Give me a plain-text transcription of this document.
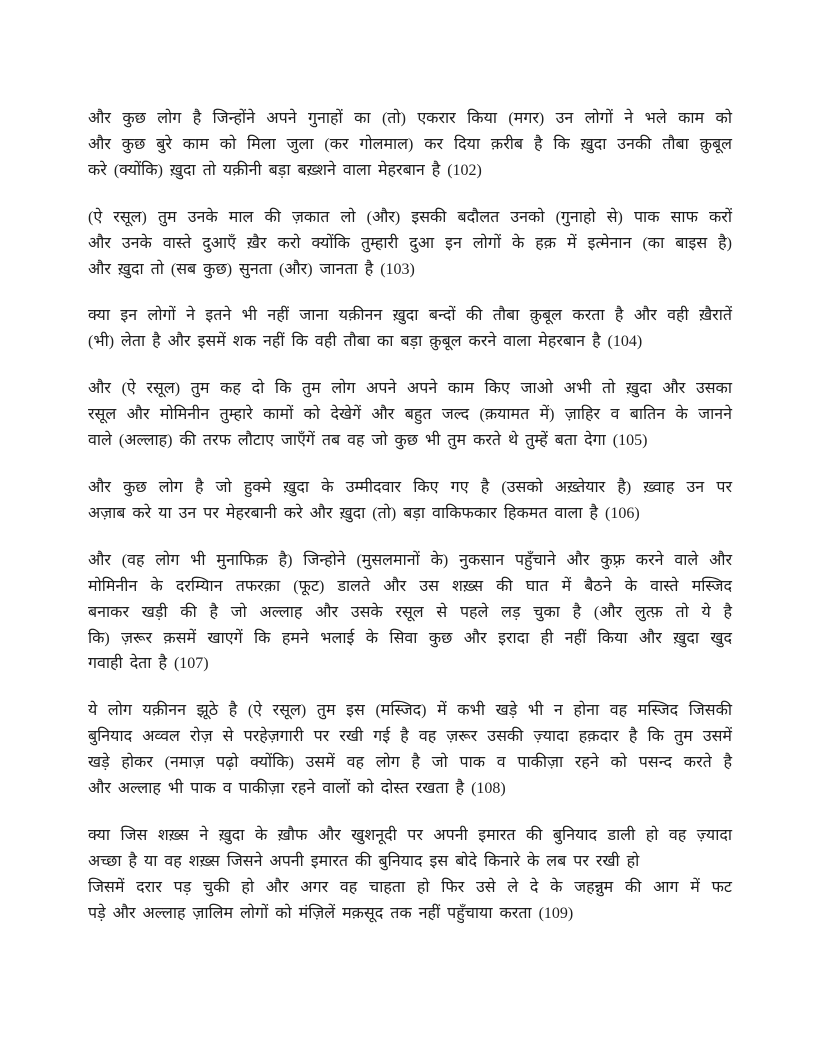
और कुछ लोग है जिन्होंने अपने गुनाहों का (तो) एकरार किया (मगर) उन लोगों ने भले काम को
और कुछ बुरे काम को मिला जुला (कर गोलमाल) कर दिया क़रीब है कि ख़ुदा उनकी तौबा क़ुबूल
करे (क्योंकि) ख़ुदा तो यक़ीनी बड़ा बख़्शने वाला मेहरबान है (102)
(ऐ रसूल) तुम उनके माल की ज़कात लो (और) इसकी बदौलत उनको (गुनाहो से) पाक साफ करों
और उनके वास्ते दुआएँ ख़ैर करो क्योंकि तुम्हारी दुआ इन लोगों के हक़ में इत्मेनान (का बाइस है)
और ख़ुदा तो (सब कुछ) सुनता (और) जानता है (103)
क्या इन लोगों ने इतने भी नहीं जाना यक़ीनन ख़ुदा बन्दों की तौबा क़ुबूल करता है और वही ख़ैरातें
(भी) लेता है और इसमें शक नहीं कि वही तौबा का बड़ा क़ुबूल करने वाला मेहरबान है (104)
और (ऐ रसूल) तुम कह दो कि तुम लोग अपने अपने काम किए जाओ अभी तो ख़ुदा और उसका
रसूल और मोमिनीन तुम्हारे कामों को देखेगें और बहुत जल्द (क़यामत में) ज़ाहिर व बातिन के जानने
वाले (अल्लाह) की तरफ लौटाए जाएँगें तब वह जो कुछ भी तुम करते थे तुम्हें बता देगा (105)
और कुछ लोग है जो हुक्मे ख़ुदा के उम्मीदवार किए गए है (उसको अख़्तेयार है) ख़्वाह उन पर
अज़ाब करे या उन पर मेहरबानी करे और ख़ुदा (तो) बड़ा वाकिफकार हिकमत वाला है (106)
और (वह लोग भी मुनाफिक़ है) जिन्होने (मुसलमानों के) नुकसान पहुँचाने और कुफ़्र करने वाले और
मोमिनीन के दरम्यिान तफरक़ा (फूट) डालते और उस शख़्स की घात में बैठने के वास्ते मस्जिद
बनाकर खड़ी की है जो अल्लाह और उसके रसूल से पहले लड़ चुका है (और लुत्फ़ तो ये है
कि) ज़रूर क़समें खाएगें कि हमने भलाई के सिवा कुछ और इरादा ही नहीं किया और ख़ुदा खुद
गवाही देता है (107)
ये लोग यक़ीनन झूठे है (ऐ रसूल) तुम इस (मस्जिद) में कभी खड़े भी न होना वह मस्जिद जिसकी
बुनियाद अव्वल रोज़ से परहेज़गारी पर रखी गई है वह ज़रूर उसकी ज़्यादा हक़दार है कि तुम उसमें
खड़े होकर (नमाज़ पढ़ो क्योंकि) उसमें वह लोग है जो पाक व पाकीज़ा रहने को पसन्द करते है
और अल्लाह भी पाक व पाकीज़ा रहने वालों को दोस्त रखता है (108)
क्या जिस शख़्स ने ख़ुदा के ख़ौफ और खुशनूदी पर अपनी इमारत की बुनियाद डाली हो वह ज़्यादा
अच्छा है या वह शख़्स जिसने अपनी इमारत की बुनियाद इस बोदे किनारे के लब पर रखी हो
जिसमें दरार पड़ चुकी हो और अगर वह चाहता हो फिर उसे ले दे के जहन्नुम की आग में फट
पड़े और अल्लाह ज़ालिम लोगों को मंज़िलें मक़सूद तक नहीं पहुँचाया करता (109)
